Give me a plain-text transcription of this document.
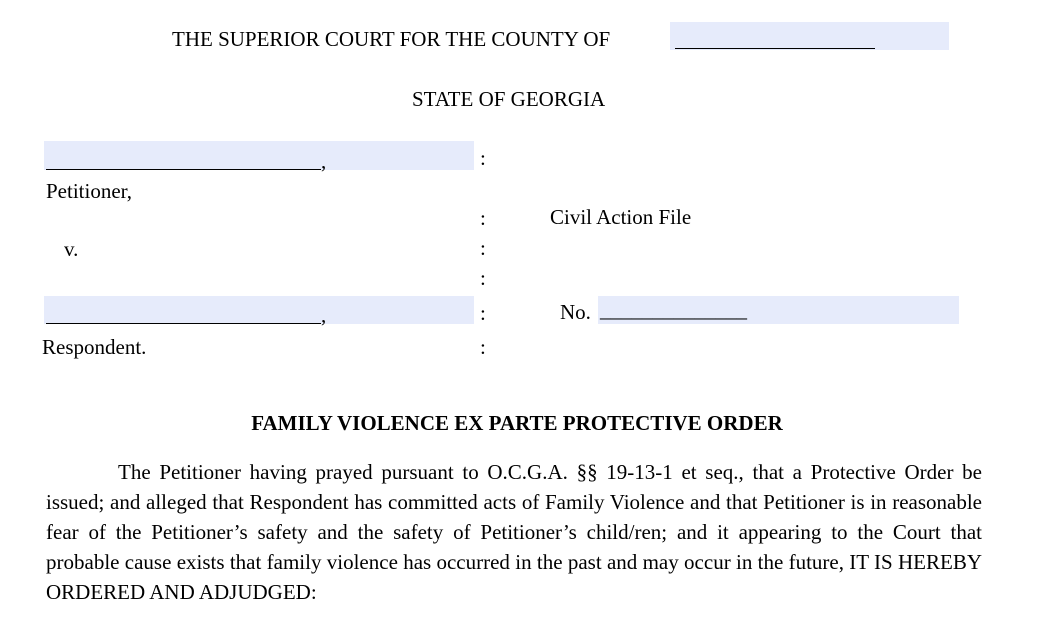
THE SUPERIOR COURT FOR THE COUNTY OF
STATE OF GEORGIA
,
Petitioner,
v.
,
Respondent.
:
:
:
:
:
:
Civil Action File
No. ______________
FAMILY VIOLENCE EX PARTE PROTECTIVE ORDER
The Petitioner having prayed pursuant to O.C.G.A. §§ 19-13-1 et seq., that a Protective Order be issued; and alleged that Respondent has committed acts of Family Violence and that Petitioner is in reasonable fear of the Petitioner’s safety and the safety of Petitioner’s child/ren; and it appearing to the Court that probable cause exists that family violence has occurred in the past and may occur in the future, IT IS HEREBY ORDERED AND ADJUDGED:
